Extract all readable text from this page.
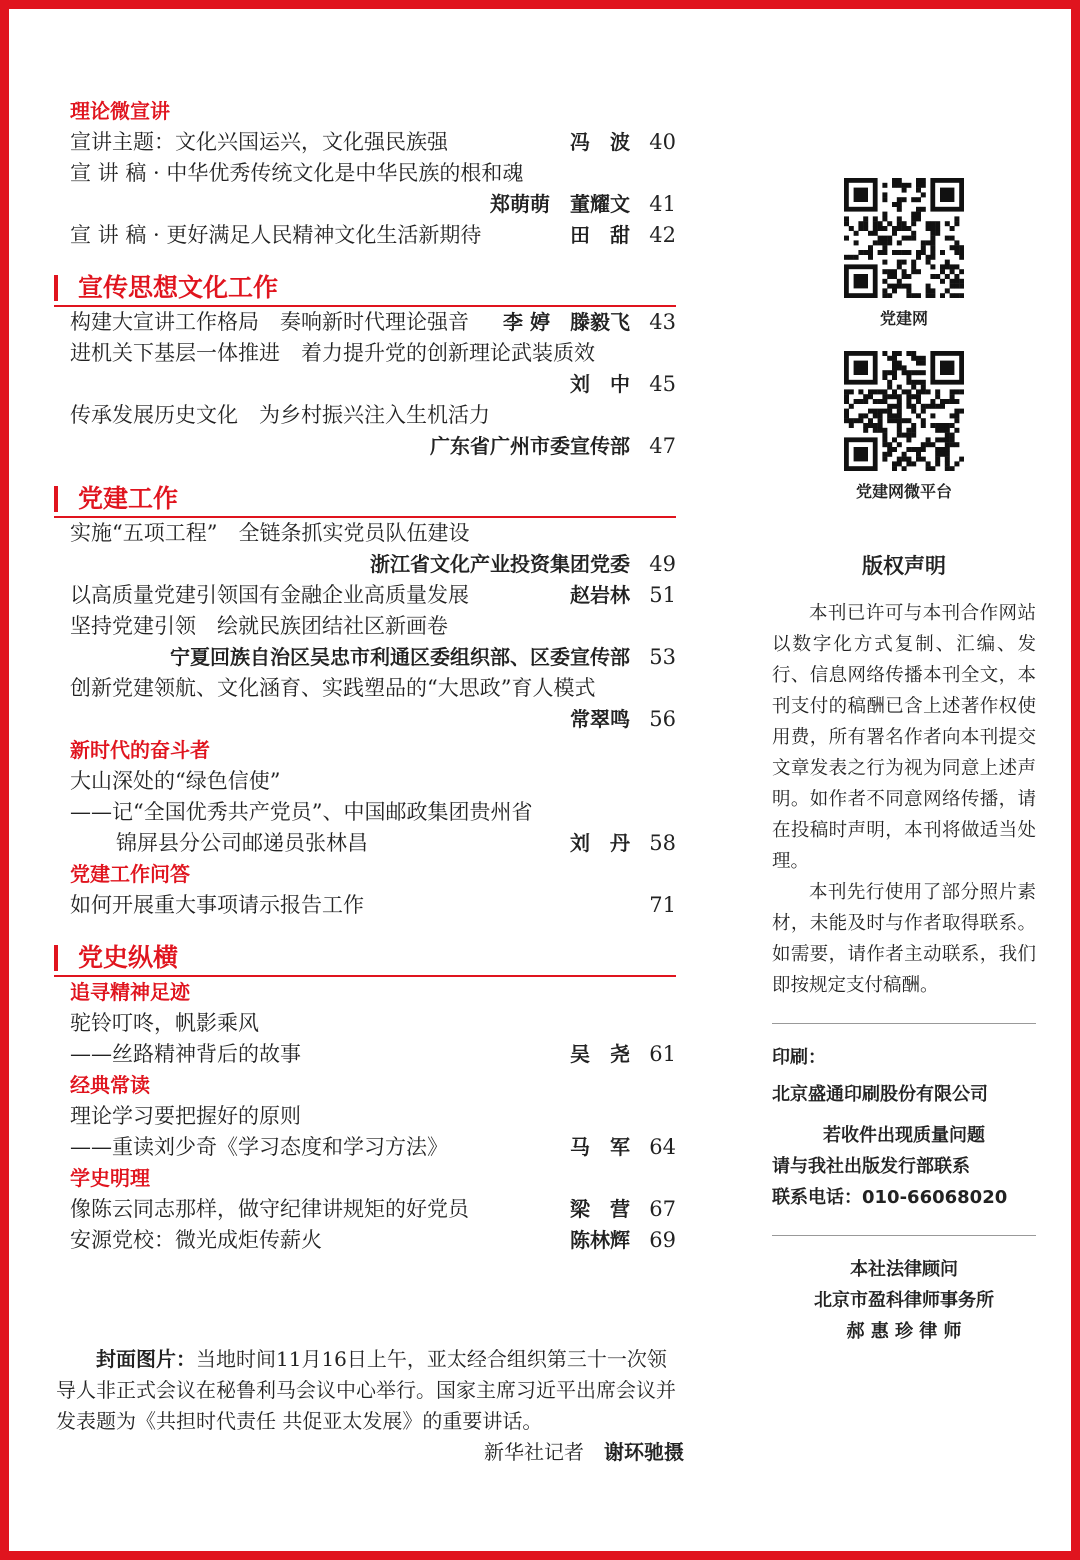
理论微宣讲
宣讲主题：文化兴国运兴，文化强民族强	冯　波 40
宣 讲 稿 · 中华优秀传统文化是中华民族的根和魂
郑萌萌　董耀文 41
宣 讲 稿 · 更好满足人民精神文化生活新期待	田　甜 42
宣传思想文化工作
构建大宣讲工作格局　奏响新时代理论强音 李 婷　滕毅飞 43
进机关下基层一体推进　着力提升党的创新理论武装质效
刘　中 45
传承发展历史文化　为乡村振兴注入生机活力
广东省广州市委宣传部 47
党建工作
实施“五项工程”　全链条抓实党员队伍建设
浙江省文化产业投资集团党委 49
以高质量党建引领国有金融企业高质量发展	赵岩林 51
坚持党建引领　绘就民族团结社区新画卷
宁夏回族自治区吴忠市利通区委组织部、区委宣传部 53
创新党建领航、文化涵育、实践塑品的“大思政”育人模式
常翠鸣 56
新时代的奋斗者
大山深处的“绿色信使”
——记“全国优秀共产党员”、中国邮政集团贵州省
锦屏县分公司邮递员张林昌	刘　丹 58
党建工作问答
如何开展重大事项请示报告工作	71
党史纵横
追寻精神足迹
驼铃叮咚，帆影乘风
——丝路精神背后的故事	吴　尧 61
经典常读
理论学习要把握好的原则
——重读刘少奇《学习态度和学习方法》	马　军 64
学史明理
像陈云同志那样，做守纪律讲规矩的好党员	梁　营 67
安源党校：微光成炬传薪火	陈林辉 69
封面图片：当地时间11月16日上午，亚太经合组织第三十一次领导人非正式会议在秘鲁利马会议中心举行。国家主席习近平出席会议并发表题为《共担时代责任 共促亚太发展》的重要讲话。
新华社记者　 谢环驰摄
党建网
党建网微平台
版权声明

本刊已许可与本刊合作网站以数字化方式复制、汇编、发行、信息网络传播本刊全文，本刊支付的稿酬已含上述著作权使用费，所有署名作者向本刊提交文章发表之行为视为同意上述声明。如作者不同意网络传播，请在投稿时声明，本刊将做适当处理。

本刊先行使用了部分照片素材，未能及时与作者取得联系。如需要，请作者主动联系，我们即按规定支付稿酬。

印刷：
北京盛通印刷股份有限公司
若收件出现质量问题
请与我社出版发行部联系
联系电话：010-66068020
本社法律顾问
北京市盈科律师事务所
郝 惠 珍 律 师
